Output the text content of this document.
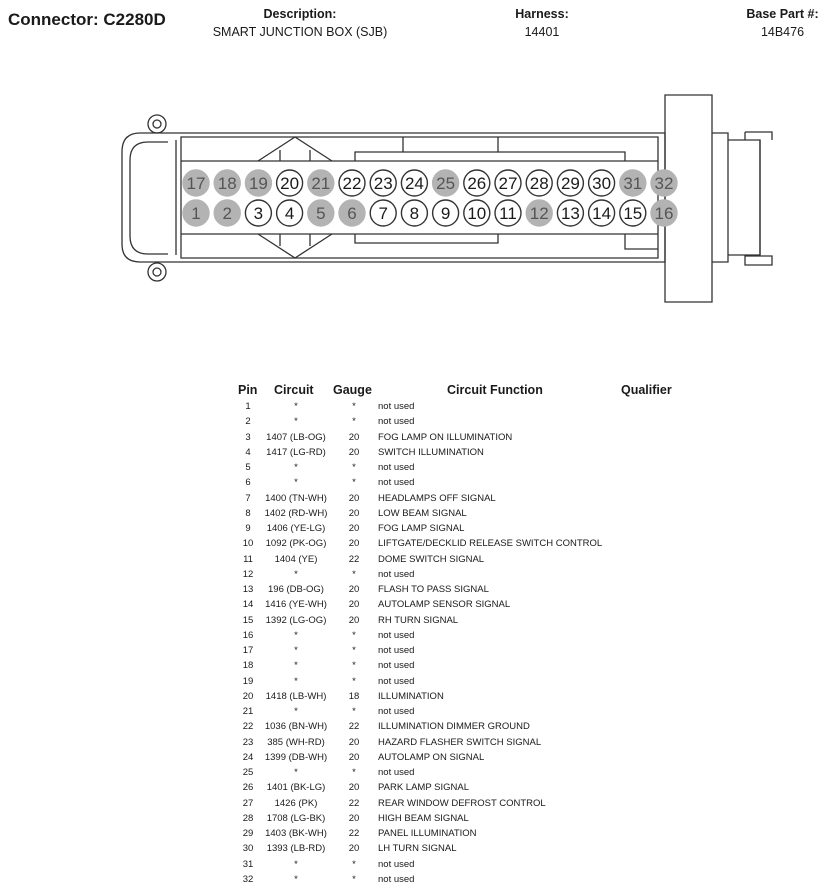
Connector: C2280D	Description:
SMART JUNCTION BOX (SJB)
Harness:
14401
Base Part #:
14B476
17 18 19 20 21 22 23 24 25 26 27 28 29 30 31 32
1 2 3 4 5 6 7 8 9 10 11 12 13 14 15 16
Pin Circuit Gauge	Circuit Function	Qualifier
1	*	*	not used
2	*	*	not used
3	1407 (LB-OG)	20	FOG LAMP ON ILLUMINATION
4	1417 (LG-RD)	20	SWITCH ILLUMINATION
5	*	*	not used
6	*	*	not used
7	1400 (TN-WH)	20	HEADLAMPS OFF SIGNAL
8	1402 (RD-WH)	20	LOW BEAM SIGNAL
9	1406 (YE-LG)	20	FOG LAMP SIGNAL
10	1092 (PK-OG)	20	LIFTGATE/DECKLID RELEASE SWITCH CONTROL
11	1404 (YE)	22	DOME SWITCH SIGNAL
12	*	*	not used
13	196 (DB-OG)	20	FLASH TO PASS SIGNAL
14	1416 (YE-WH)	20	AUTOLAMP SENSOR SIGNAL
15	1392 (LG-OG)	20	RH TURN SIGNAL
16	*	*	not used
17	*	*	not used
18	*	*	not used
19	*	*	not used
20	1418 (LB-WH)	18	ILLUMINATION
21	*	*	not used
22	1036 (BN-WH)	22	ILLUMINATION DIMMER GROUND
23	385 (WH-RD)	20	HAZARD FLASHER SWITCH SIGNAL
24	1399 (DB-WH)	20	AUTOLAMP ON SIGNAL
25	*	*	not used
26	1401 (BK-LG)	20	PARK LAMP SIGNAL
27	1426 (PK)	22	REAR WINDOW DEFROST CONTROL
28	1708 (LG-BK)	20	HIGH BEAM SIGNAL
29	1403 (BK-WH)	22	PANEL ILLUMINATION
30	1393 (LB-RD)	20	LH TURN SIGNAL
31	*	*	not used
32	*	*	not used
